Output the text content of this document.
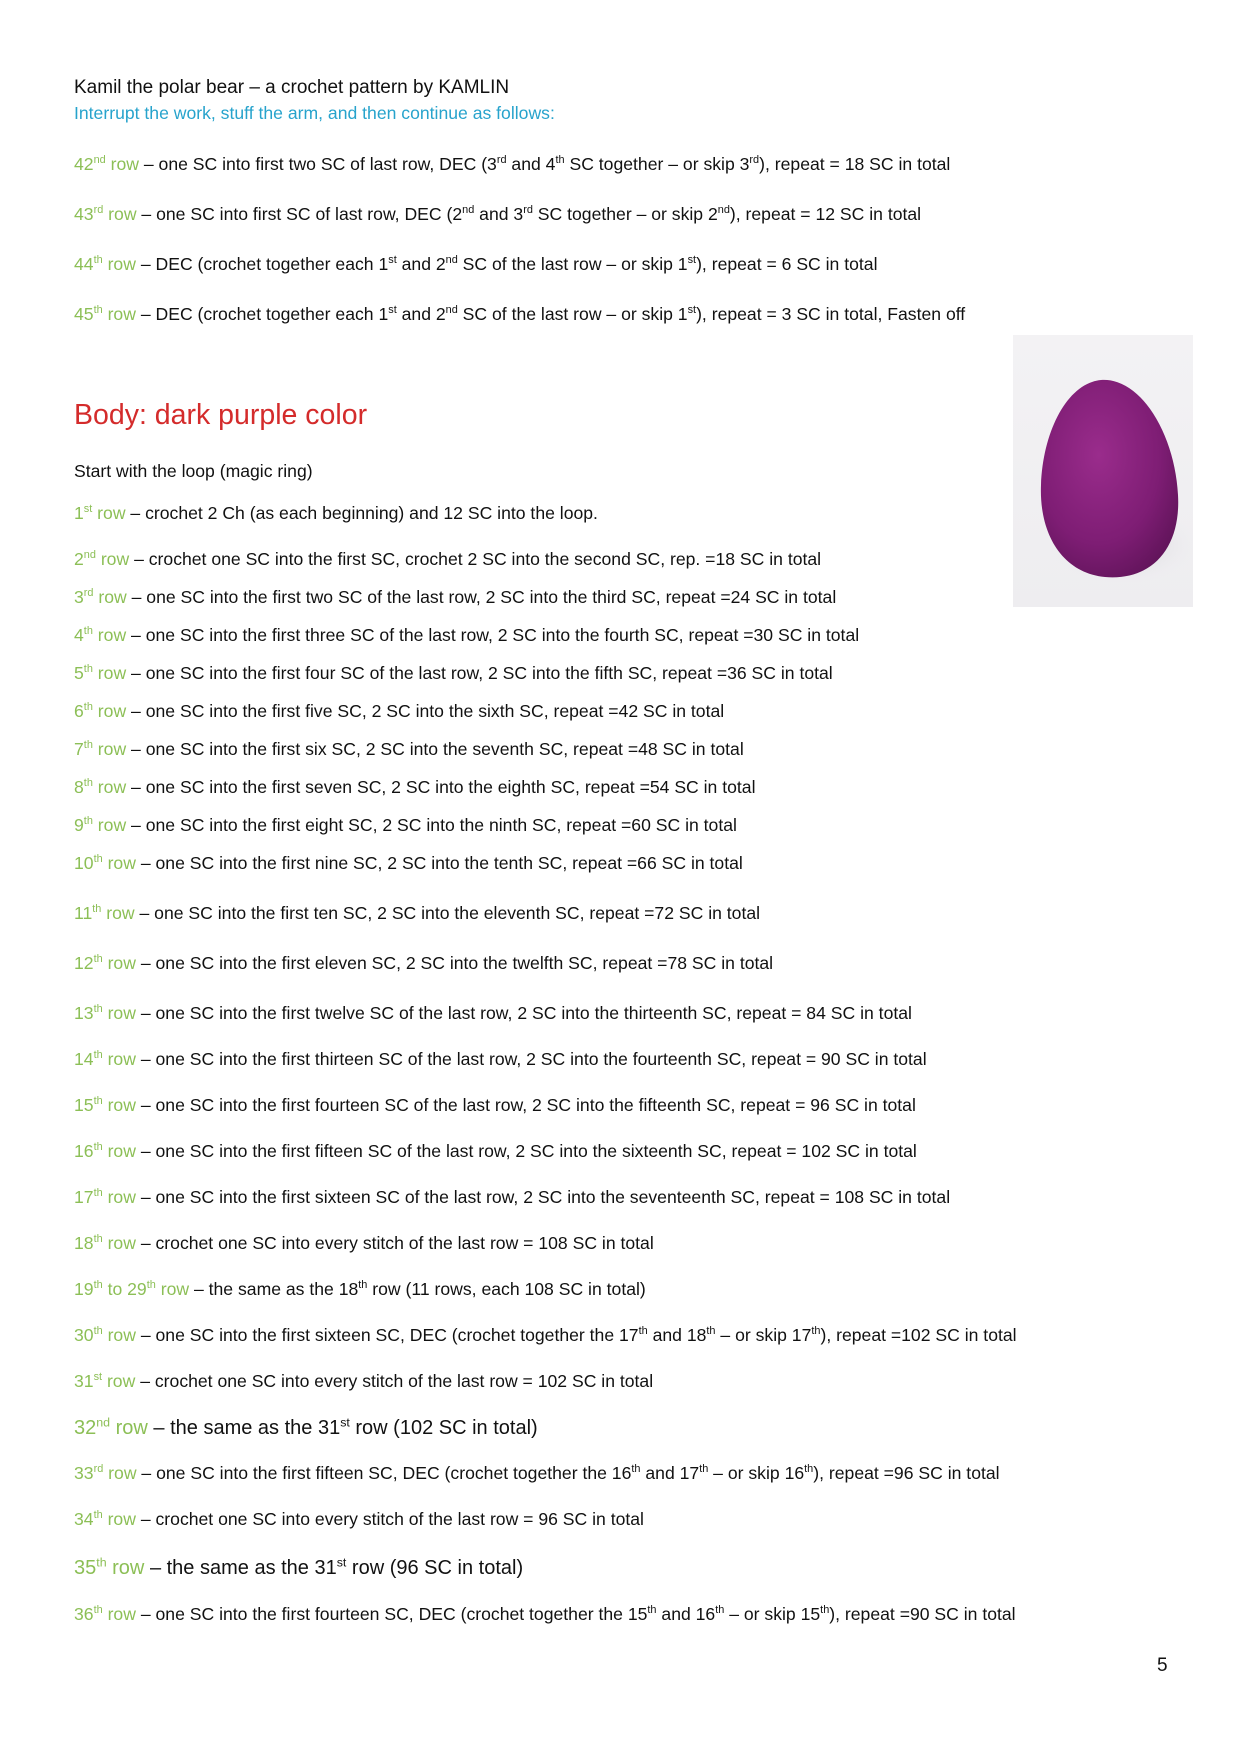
Kamil the polar bear – a crochet pattern by KAMLIN
Interrupt the work, stuff the arm, and then continue as follows:
42nd row – one SC into first two SC of last row, DEC (3rd and 4th SC together – or skip 3rd), repeat = 18 SC in total
43rd row – one SC into first SC of last row, DEC (2nd and 3rd SC together – or skip 2nd), repeat = 12 SC in total
44th row – DEC (crochet together each 1st and 2nd SC of the last row – or skip 1st), repeat = 6 SC in total
45th row – DEC (crochet together each 1st and 2nd SC of the last row – or skip 1st), repeat = 3 SC in total, Fasten off
Body: dark purple color
Start with the loop (magic ring)
1st row – crochet 2 Ch (as each beginning) and 12 SC into the loop.
2nd row – crochet one SC into the first SC, crochet 2 SC into the second SC, rep. =18 SC in total
3rd row – one SC into the first two SC of the last row, 2 SC into the third SC, repeat =24 SC in total
4th row – one SC into the first three SC of the last row, 2 SC into the fourth SC, repeat =30 SC in total
5th row – one SC into the first four SC of the last row, 2 SC into the fifth SC, repeat =36 SC in total
6th row – one SC into the first five SC, 2 SC into the sixth SC, repeat =42 SC in total
7th row – one SC into the first six SC, 2 SC into the seventh SC, repeat =48 SC in total
8th row – one SC into the first seven SC, 2 SC into the eighth SC, repeat =54 SC in total
9th row – one SC into the first eight SC, 2 SC into the ninth SC, repeat =60 SC in total
10th row – one SC into the first nine SC, 2 SC into the tenth SC, repeat =66 SC in total
11th row – one SC into the first ten SC, 2 SC into the eleventh SC, repeat =72 SC in total
12th row – one SC into the first eleven SC, 2 SC into the twelfth SC, repeat =78 SC in total
13th row – one SC into the first twelve SC of the last row, 2 SC into the thirteenth SC, repeat = 84 SC in total
14th row – one SC into the first thirteen SC of the last row, 2 SC into the fourteenth SC, repeat = 90 SC in total
15th row – one SC into the first fourteen SC of the last row, 2 SC into the fifteenth SC, repeat = 96 SC in total
16th row – one SC into the first fifteen SC of the last row, 2 SC into the sixteenth SC, repeat = 102 SC in total
17th row – one SC into the first sixteen SC of the last row, 2 SC into the seventeenth SC, repeat = 108 SC in total
18th row – crochet one SC into every stitch of the last row = 108 SC in total
19th to 29th row – the same as the 18th row (11 rows, each 108 SC in total)
30th row – one SC into the first sixteen SC, DEC (crochet together the 17th and 18th – or skip 17th), repeat =102 SC in total
31st row – crochet one SC into every stitch of the last row = 102 SC in total
32nd row – the same as the 31st row (102 SC in total)
33rd row – one SC into the first fifteen SC, DEC (crochet together the 16th and 17th – or skip 16th), repeat =96 SC in total
34th row – crochet one SC into every stitch of the last row = 96 SC in total
35th row – the same as the 31st row (96 SC in total)
36th row – one SC into the first fourteen SC, DEC (crochet together the 15th and 16th – or skip 15th), repeat =90 SC in total
5
